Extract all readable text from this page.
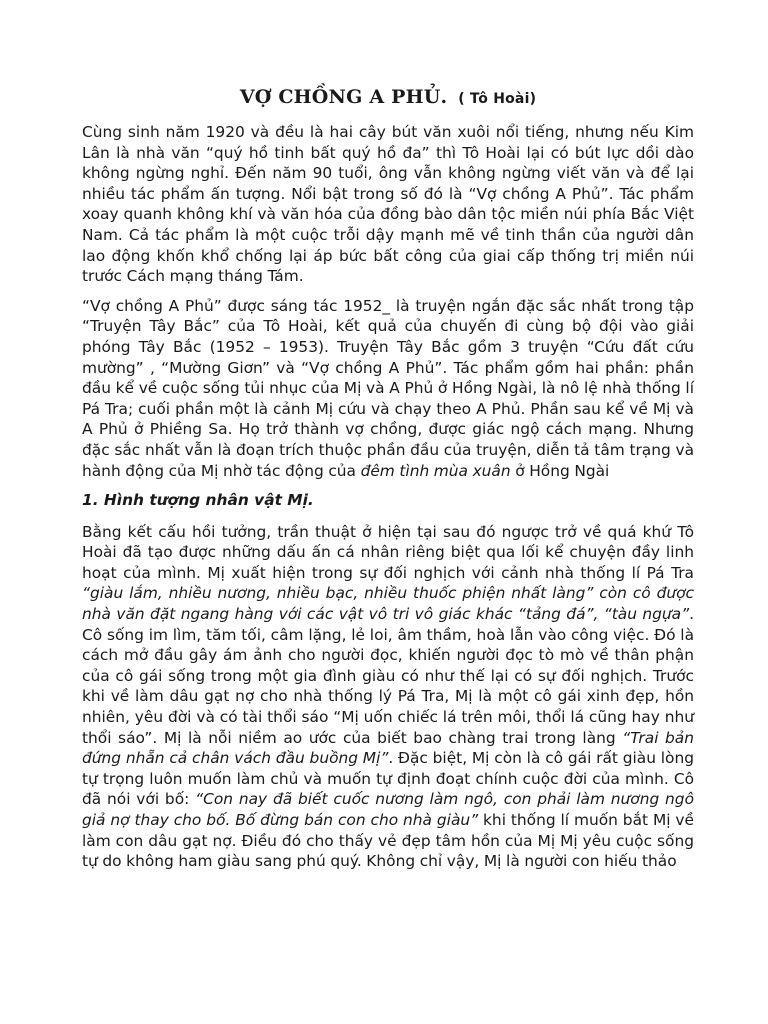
VỢ CHỒNG A PHỦ. ( Tô Hoài)

Cùng sinh năm 1920 và đều là hai cây bút văn xuôi nổi tiếng, nhưng nếu Kim Lân là nhà văn “quý hồ tinh bất quý hồ đa” thì Tô Hoài lại có bút lực dồi dào không ngừng nghỉ. Đến năm 90 tuổi, ông vẫn không ngừng viết văn và để lại nhiều tác phẩm ấn tượng. Nổi bật trong số đó là “Vợ chồng A Phủ”. Tác phẩm xoay quanh không khí và văn hóa của đồng bào dân tộc miền núi phía Bắc Việt Nam. Cả tác phẩm là một cuộc trỗi dậy mạnh mẽ về tinh thần của người dân lao động khốn khổ chống lại áp bức bất công của giai cấp thống trị miền núi trước Cách mạng tháng Tám.

“Vợ chồng A Phủ” được sáng tác 1952_ là truyện ngắn đặc sắc nhất trong tập “Truyện Tây Bắc” của Tô Hoài, kết quả của chuyến đi cùng bộ đội vào giải phóng Tây Bắc (1952 – 1953). Truyện Tây Bắc gồm 3 truyện “Cứu đất cứu mường” , “Mường Giơn” và “Vợ chồng A Phủ”. Tác phẩm gồm hai phần: phần đầu kể về cuộc sống tủi nhục của Mị và A Phủ ở Hồng Ngài, là nô lệ nhà thống lí Pá Tra; cuối phần một là cảnh Mị cứu và chạy theo A Phủ. Phần sau kể về Mị và A Phủ ở Phiềng Sa. Họ trở thành vợ chồng, được giác ngộ cách mạng. Nhưng đặc sắc nhất vẫn là đoạn trích thuộc phần đầu của truyện, diễn tả tâm trạng và hành động của Mị nhờ tác động của đêm tình mùa xuân ở Hồng Ngài

1. Hình tượng nhân vật Mị.

Bằng kết cấu hồi tưởng, trần thuật ở hiện tại sau đó ngược trở về quá khứ Tô Hoài đã tạo được những dấu ấn cá nhân riêng biệt qua lối kể chuyện đầy linh hoạt của mình. Mị xuất hiện trong sự đối nghịch với cảnh nhà thống lí Pá Tra “giàu lắm, nhiều nương, nhiều bạc, nhiều thuốc phiện nhất làng” còn cô được nhà văn đặt ngang hàng với các vật vô tri vô giác khác “tảng đá”, “tàu ngựa”. Cô sống im lìm, tăm tối, câm lặng, lẻ loi, âm thầm, hoà lẫn vào công việc. Đó là cách mở đầu gây ám ảnh cho người đọc, khiến người đọc tò mò về thân phận của cô gái sống trong một gia đình giàu có như thế lại có sự đối nghịch. Trước khi về làm dâu gạt nợ cho nhà thống lý Pá Tra, Mị là một cô gái xinh đẹp, hồn nhiên, yêu đời và có tài thổi sáo “Mị uốn chiếc lá trên môi, thổi lá cũng hay như thổi sáo”. Mị là nỗi niềm ao ước của biết bao chàng trai trong làng “Trai bản đứng nhẵn cả chân vách đầu buồng Mị”. Đặc biệt, Mị còn là cô gái rất giàu lòng tự trọng luôn muốn làm chủ và muốn tự định đoạt chính cuộc đời của mình. Cô đã nói với bố: “Con nay đã biết cuốc nương làm ngô, con phải làm nương ngô giả nợ thay cho bố. Bố đừng bán con cho nhà giàu” khi thống lí muốn bắt Mị về làm con dâu gạt nợ. Điều đó cho thấy vẻ đẹp tâm hồn của Mị Mị yêu cuộc sống tự do không ham giàu sang phú quý. Không chỉ vậy, Mị là người con hiếu thảo
